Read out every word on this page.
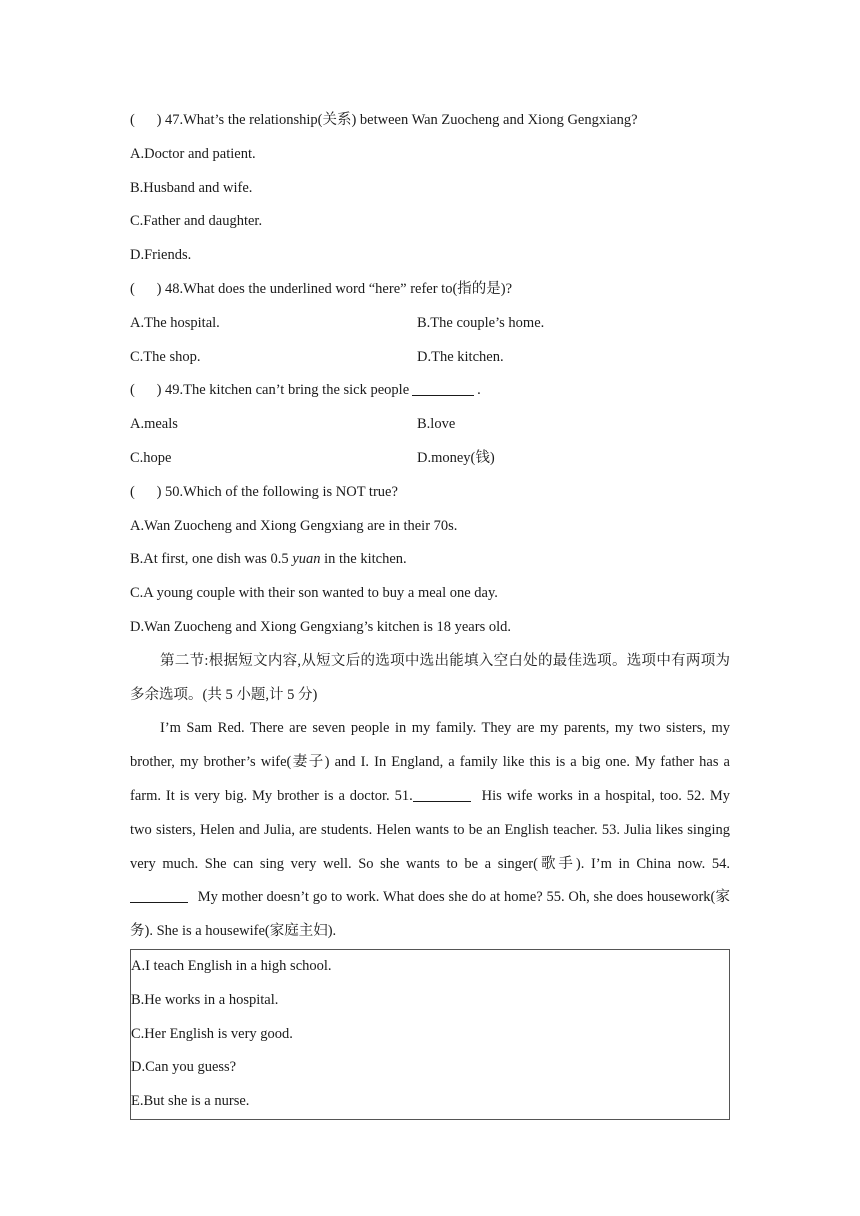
( ) 47.What’s the relationship(关系) between Wan Zuocheng and Xiong Gengxiang?
A.Doctor and patient.
B.Husband and wife.
C.Father and daughter.
D.Friends.
( ) 48.What does the underlined word “here” refer to(指的是)?
A.The hospital.	B.The couple’s home.
C.The shop.	D.The kitchen.
( ) 49.The kitchen can’t bring the sick people	.
A.meals	B.love
C.hope	D.money(钱)
( ) 50.Which of the following is NOT true?
A.Wan Zuocheng and Xiong Gengxiang are in their 70s.
B.At first, one dish was 0.5 yuan in the kitchen.
C.A young couple with their son wanted to buy a meal one day.
D.Wan Zuocheng and Xiong Gengxiang’s kitchen is 18 years old.
第二节:根据短文内容,从短文后的选项中选出能填入空白处的最佳选项。选项中有两项为多余选项。(共 5 小题,计 5 分)
I’m Sam Red. There are seven people in my family. They are my parents, my two sisters, my brother, my brother’s wife(妻子) and I. In England, a family like this is a big one. My father has a farm. It is very big. My brother is a doctor. 51.	His wife works in a hospital, too. 52. My two sisters, Helen and Julia, are students. Helen wants to be an English teacher. 53. Julia likes singing very much. She can sing very well. So she wants to be a singer(歌手). I’m in China now. 54. My mother doesn’t go to work. What does she do at home? 55. Oh, she does housework(家务). She is a housewife(家庭主妇).
A.I teach English in a high school.
B.He works in a hospital.
C.Her English is very good.
D.Can you guess?
E.But she is a nurse.
